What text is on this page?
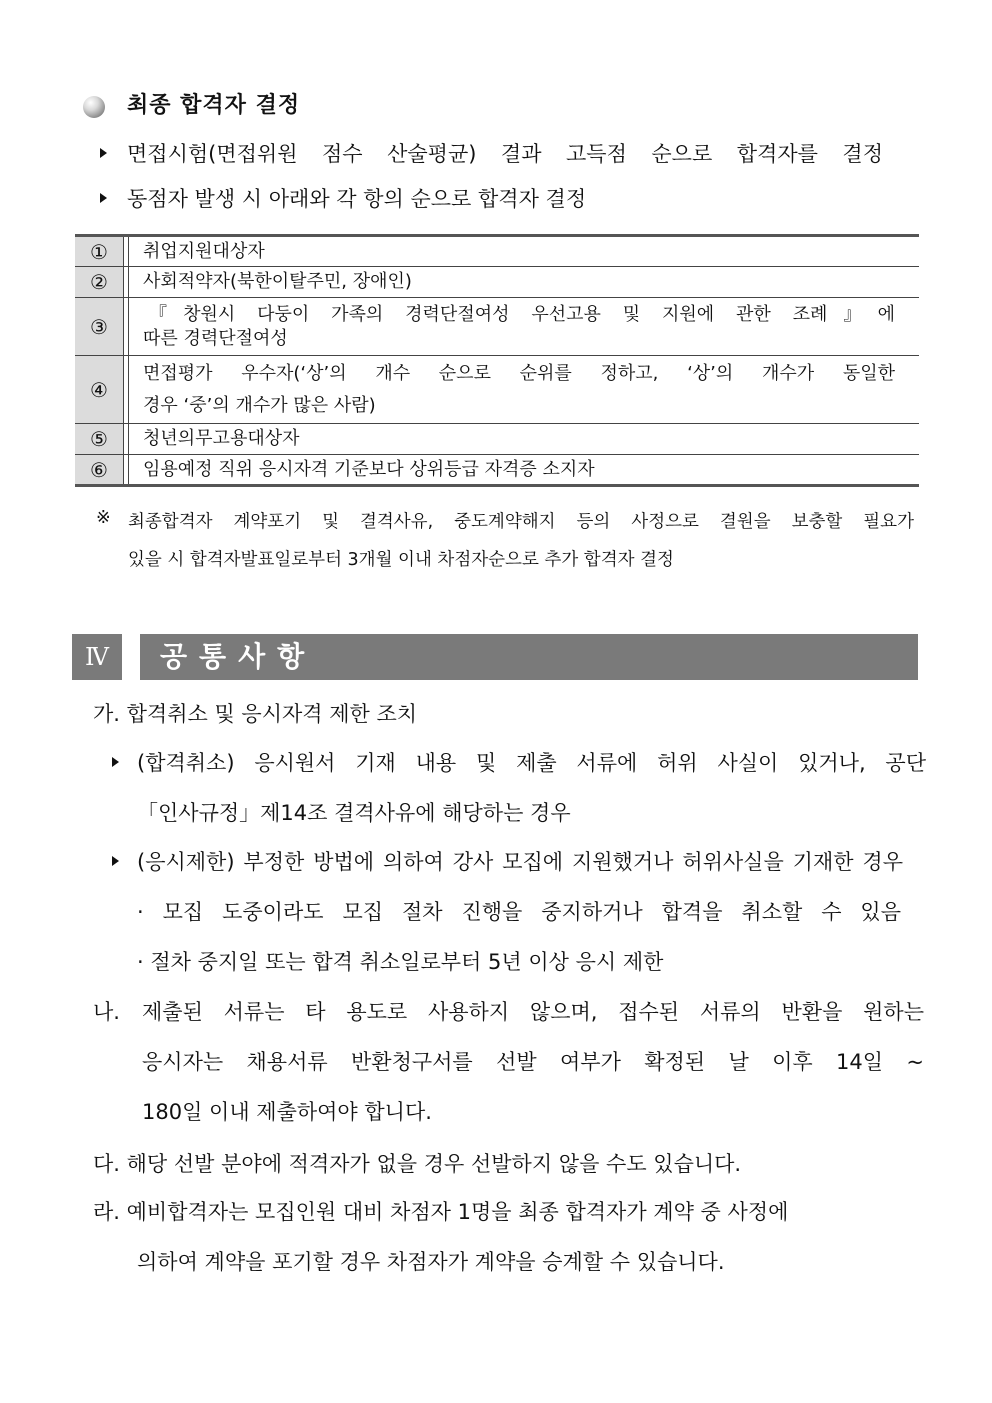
최종 합격자 결정
면접시험(면접위원 점수 산술평균) 결과 고득점 순으로 합격자를 결정
동점자 발생 시 아래와 각 항의 순으로 합격자 결정
①		취업지원대상자
②		사회적약자(북한이탈주민, 장애인)
③		『창원시 다둥이 가족의 경력단절여성 우선고용 및 지원에 관한 조례』에
따른 경력단절여성

④		면접평가 우수자(‘상’의 개수 순으로 순위를 정하고, ‘상’의 개수가 동일한
경우 ‘중’의 개수가 많은 사람)

⑤		청년의무고용대상자
⑥		임용예정 직위 응시자격 기준보다 상위등급 자격증 소지자
※ 최종합격자 계약포기 및 결격사유, 중도계약해지 등의 사정으로 결원을 보충할 필요가
있을 시 합격자발표일로부터 3개월 이내 차점자순으로 추가 합격자 결정
Ⅳ	공통사항
가. 합격취소 및 응시자격 제한 조치
(합격취소) 응시원서 기재 내용 및 제출 서류에 허위 사실이 있거나, 공단
「인사규정」제14조 결격사유에 해당하는 경우
(응시제한) 부정한 방법에 의하여 강사 모집에 지원했거나 허위사실을 기재한 경우
· 모집 도중이라도 모집 절차 진행을 중지하거나 합격을 취소할 수 있음
· 절차 중지일 또는 합격 취소일로부터 5년 이상 응시 제한
나. 제출된 서류는 타 용도로 사용하지 않으며, 접수된 서류의 반환을 원하는
응시자는 채용서류 반환청구서를 선발 여부가 확정된 날 이후 14일 ~
180일 이내 제출하여야 합니다.
다. 해당 선발 분야에 적격자가 없을 경우 선발하지 않을 수도 있습니다.
라. 예비합격자는 모집인원 대비 차점자 1명을 최종 합격자가 계약 중 사정에
의하여 계약을 포기할 경우 차점자가 계약을 승계할 수 있습니다.
